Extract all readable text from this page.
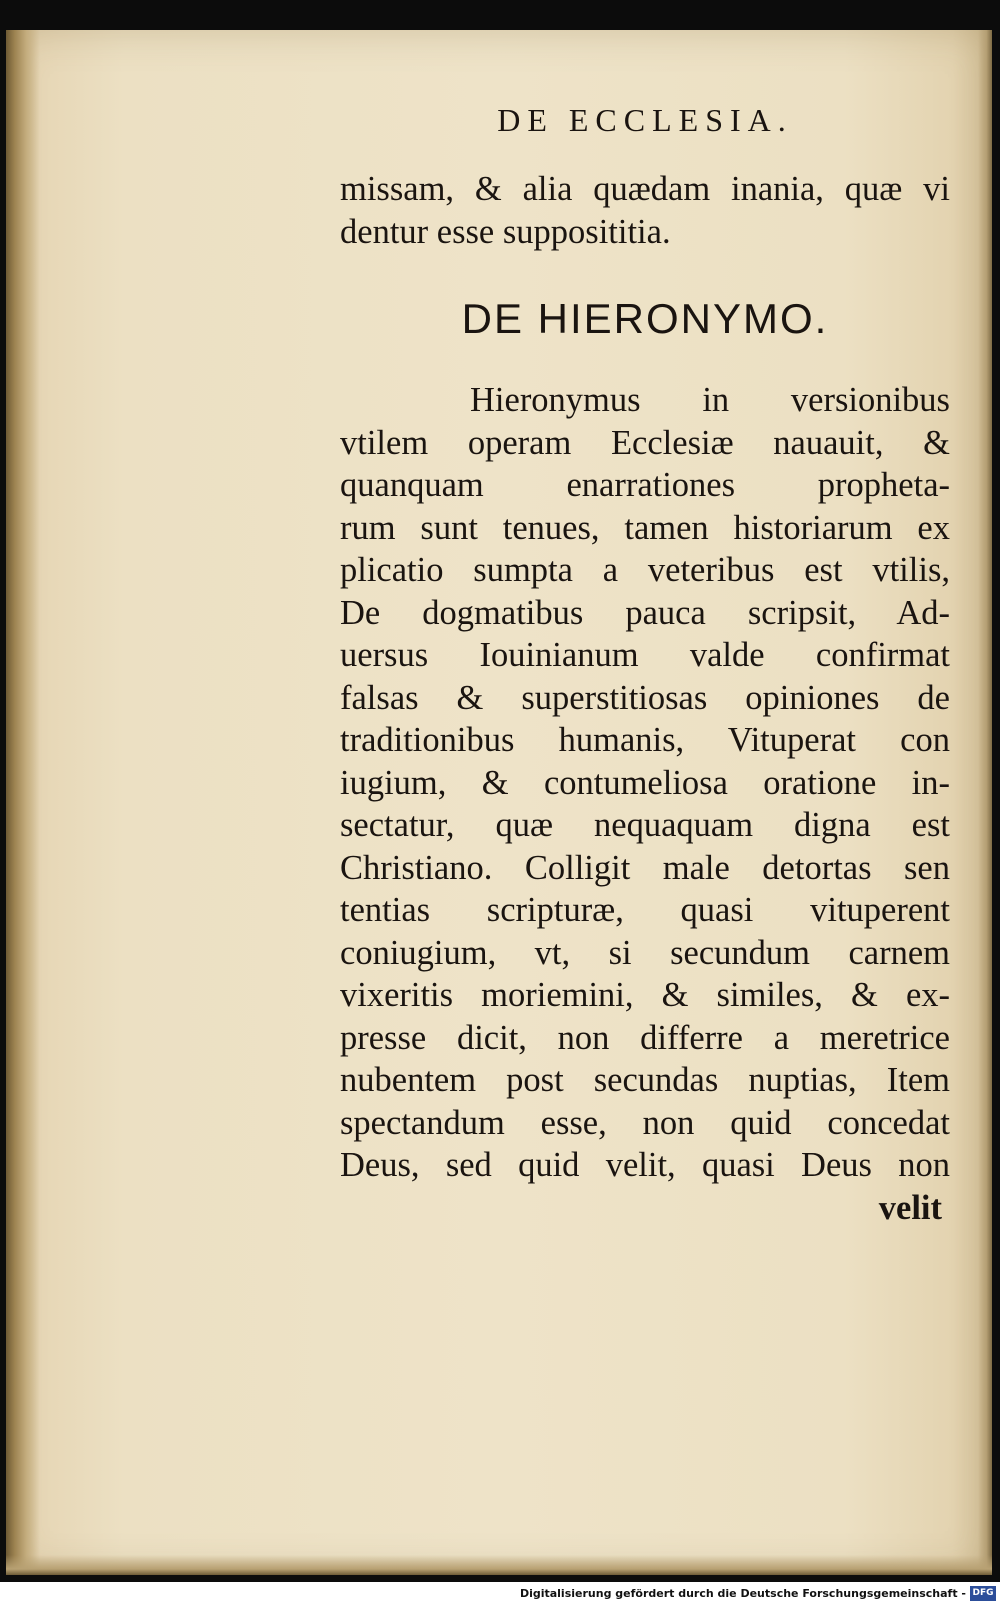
DE ECCLESIA.
missam, & alia quædam inania, quæ vi
dentur esse supposititia.
DE HIERONYMO.
Hieronymus in versionibus
vtilem operam Ecclesiæ nauauit, &
quanquam enarrationes propheta-
rum sunt tenues, tamen historiarum ex
plicatio sumpta a veteribus est vtilis,
De dogmatibus pauca scripsit, Ad-
uersus Iouinianum valde confirmat
falsas & superstitiosas opiniones de
traditionibus humanis, Vituperat con
iugium, & contumeliosa oratione in-
sectatur, quæ nequaquam digna est
Christiano. Colligit male detortas sen
tentias scripturæ, quasi vituperent
coniugium, vt, si secundum carnem
vixeritis moriemini, & similes, & ex-
presse dicit, non differre a meretrice
nubentem post secundas nuptias, Item
spectandum esse, non quid concedat
Deus, sed quid velit, quasi Deus non
velit
Digitalisierung gefördert durch die Deutsche Forschungsgemeinschaft - DFG
